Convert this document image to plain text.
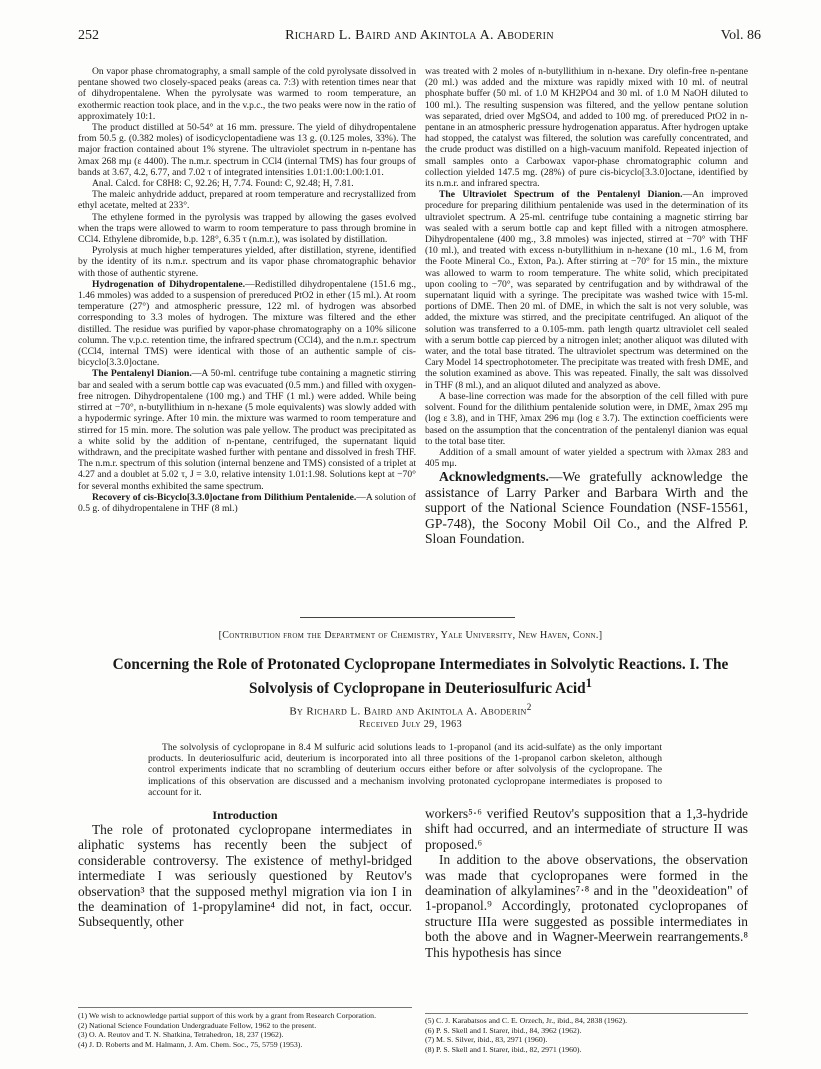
252	Richard L. Baird and Akintola A. Aboderin	Vol. 86

On vapor phase chromatography, a small sample of the cold pyrolysate dissolved in pentane showed two closely-spaced peaks (areas ca. 7:3) with retention times near that of dihydropentalene. When the pyrolysate was warmed to room temperature, an exothermic reaction took place, and in the v.p.c., the two peaks were now in the ratio of approximately 10:1.

The product distilled at 50-54° at 16 mm. pressure. The yield of dihydropentalene from 50.5 g. (0.382 moles) of isodicyclopentadiene was 13 g. (0.125 moles, 33%). The major fraction contained about 1% styrene. The ultraviolet spectrum in n-pentane has λmax 268 mμ (ε 4400). The n.m.r. spectrum in CCl4 (internal TMS) has four groups of bands at 3.67, 4.2, 6.77, and 7.02 τ of integrated intensities 1.01:1.00:1.00:1.01.

Anal. Calcd. for C8H8: C, 92.26; H, 7.74. Found: C, 92.48; H, 7.81.

The maleic anhydride adduct, prepared at room temperature and recrystallized from ethyl acetate, melted at 233°.

The ethylene formed in the pyrolysis was trapped by allowing the gases evolved when the traps were allowed to warm to room temperature to pass through bromine in CCl4. Ethylene dibromide, b.p. 128°, 6.35 τ (n.m.r.), was isolated by distillation.

Pyrolysis at much higher temperatures yielded, after distillation, styrene, identified by the identity of its n.m.r. spectrum and its vapor phase chromatographic behavior with those of authentic styrene.

Hydrogenation of Dihydropentalene.—Redistilled dihydropentalene (151.6 mg., 1.46 mmoles) was added to a suspension of prereduced PtO2 in ether (15 ml.). At room temperature (27°) and atmospheric pressure, 122 ml. of hydrogen was absorbed corresponding to 3.3 moles of hydrogen. The mixture was filtered and the ether distilled. The residue was purified by vapor-phase chromatography on a 10% silicone column. The v.p.c. retention time, the infrared spectrum (CCl4), and the n.m.r. spectrum (CCl4, internal TMS) were identical with those of an authentic sample of cis-bicyclo[3.3.0]octane.

The Pentalenyl Dianion.—A 50-ml. centrifuge tube containing a magnetic stirring bar and sealed with a serum bottle cap was evacuated (0.5 mm.) and filled with oxygen-free nitrogen. Dihydropentalene (100 mg.) and THF (1 ml.) were added. While being stirred at −70°, n-butyllithium in n-hexane (5 mole equivalents) was slowly added with a hypodermic syringe. After 10 min. the mixture was warmed to room temperature and stirred for 15 min. more. The solution was pale yellow. The product was precipitated as a white solid by the addition of n-pentane, centrifuged, the supernatant liquid withdrawn, and the precipitate washed further with pentane and dissolved in fresh THF. The n.m.r. spectrum of this solution (internal benzene and TMS) consisted of a triplet at 4.27 and a doublet at 5.02 τ, J = 3.0, relative intensity 1.01:1.98. Solutions kept at −70° for several months exhibited the same spectrum.

Recovery of cis-Bicyclo[3.3.0]octane from Dilithium Pentalenide.—A solution of 0.5 g. of dihydropentalene in THF (8 ml.)

was treated with 2 moles of n-butyllithium in n-hexane. Dry olefin-free n-pentane (20 ml.) was added and the mixture was rapidly mixed with 10 ml. of neutral phosphate buffer (50 ml. of 1.0 M KH2PO4 and 30 ml. of 1.0 M NaOH diluted to 100 ml.). The resulting suspension was filtered, and the yellow pentane solution was separated, dried over MgSO4, and added to 100 mg. of prereduced PtO2 in n-pentane in an atmospheric pressure hydrogenation apparatus. After hydrogen uptake had stopped, the catalyst was filtered, the solution was carefully concentrated, and the crude product was distilled on a high-vacuum manifold. Repeated injection of small samples onto a Carbowax vapor-phase chromatographic column and collection yielded 147.5 mg. (28%) of pure cis-bicyclo[3.3.0]octane, identified by its n.m.r. and infrared spectra.

The Ultraviolet Spectrum of the Pentalenyl Dianion.—An improved procedure for preparing dilithium pentalenide was used in the determination of its ultraviolet spectrum. A 25-ml. centrifuge tube containing a magnetic stirring bar was sealed with a serum bottle cap and kept filled with a nitrogen atmosphere. Dihydropentalene (400 mg., 3.8 mmoles) was injected, stirred at −70° with THF (10 ml.), and treated with excess n-butyllithium in n-hexane (10 ml., 1.6 M, from the Foote Mineral Co., Exton, Pa.). After stirring at −70° for 15 min., the mixture was allowed to warm to room temperature. The white solid, which precipitated upon cooling to −70°, was separated by centrifugation and by withdrawal of the supernatant liquid with a syringe. The precipitate was washed twice with 15-ml. portions of DME. Then 20 ml. of DME, in which the salt is not very soluble, was added, the mixture was stirred, and the precipitate centrifuged. An aliquot of the solution was transferred to a 0.105-mm. path length quartz ultraviolet cell sealed with a serum bottle cap pierced by a nitrogen inlet; another aliquot was diluted with water, and the total base titrated. The ultraviolet spectrum was determined on the Cary Model 14 spectrophotometer. The precipitate was treated with fresh DME, and the solution examined as above. This was repeated. Finally, the salt was dissolved in THF (8 ml.), and an aliquot diluted and analyzed as above.

A base-line correction was made for the absorption of the cell filled with pure solvent. Found for the dilithium pentalenide solution were, in DME, λmax 295 mμ (log ε 3.8), and in THF, λmax 296 mμ (log ε 3.7). The extinction coefficients were based on the assumption that the concentration of the pentalenyl dianion was equal to the total base titer.

Addition of a small amount of water yielded a spectrum with λλmax 283 and 405 mμ.

Acknowledgments.—We gratefully acknowledge the assistance of Larry Parker and Barbara Wirth and the support of the National Science Foundation (NSF-15561, GP-748), the Socony Mobil Oil Co., and the Alfred P. Sloan Foundation.

[Contribution from the Department of Chemistry, Yale University, New Haven, Conn.]
Concerning the Role of Protonated Cyclopropane Intermediates in Solvolytic Reactions. I. The Solvolysis of Cyclopropane in Deuteriosulfuric Acid$^1$
By Richard L. Baird and Akintola A. Aboderin$^2$
Received July 29, 1963
The solvolysis of cyclopropane in 8.4 M sulfuric acid solutions leads to 1-propanol (and its acid-sulfate) as the only important products. In deuteriosulfuric acid, deuterium is incorporated into all three positions of the 1-propanol carbon skeleton, although control experiments indicate that no scrambling of deuterium occurs either before or after solvolysis of the cyclopropane. The implications of this observation are discussed and a mechanism involving protonated cyclopropane intermediates is proposed to account for it.
Introduction

The role of protonated cyclopropane intermediates in aliphatic systems has recently been the subject of considerable controversy. The existence of methyl-bridged intermediate I was seriously questioned by Reutov's observation³ that the supposed methyl migration via ion I in the deamination of 1-propylamine⁴ did not, in fact, occur. Subsequently, other

workers⁵·⁶ verified Reutov's supposition that a 1,3-hydride shift had occurred, and an intermediate of structure II was proposed.⁶

In addition to the above observations, the observation was made that cyclopropanes were formed in the deamination of alkylamines⁷·⁸ and in the "deoxideation" of 1-propanol.⁹ Accordingly, protonated cyclopropanes of structure IIIa were suggested as possible intermediates in both the above and in Wagner-Meerwein rearrangements.⁸ This hypothesis has since

(1) We wish to acknowledge partial support of this work by a grant from Research Corporation.

(2) National Science Foundation Undergraduate Fellow, 1962 to the present.

(3) O. A. Reutov and T. N. Shatkina, Tetrahedron, 18, 237 (1962).

(4) J. D. Roberts and M. Halmann, J. Am. Chem. Soc., 75, 5759 (1953).

(5) C. J. Karabatsos and C. E. Orzech, Jr., ibid., 84, 2838 (1962).

(6) P. S. Skell and I. Starer, ibid., 84, 3962 (1962).

(7) M. S. Silver, ibid., 83, 2971 (1960).

(8) P. S. Skell and I. Starer, ibid., 82, 2971 (1960).
